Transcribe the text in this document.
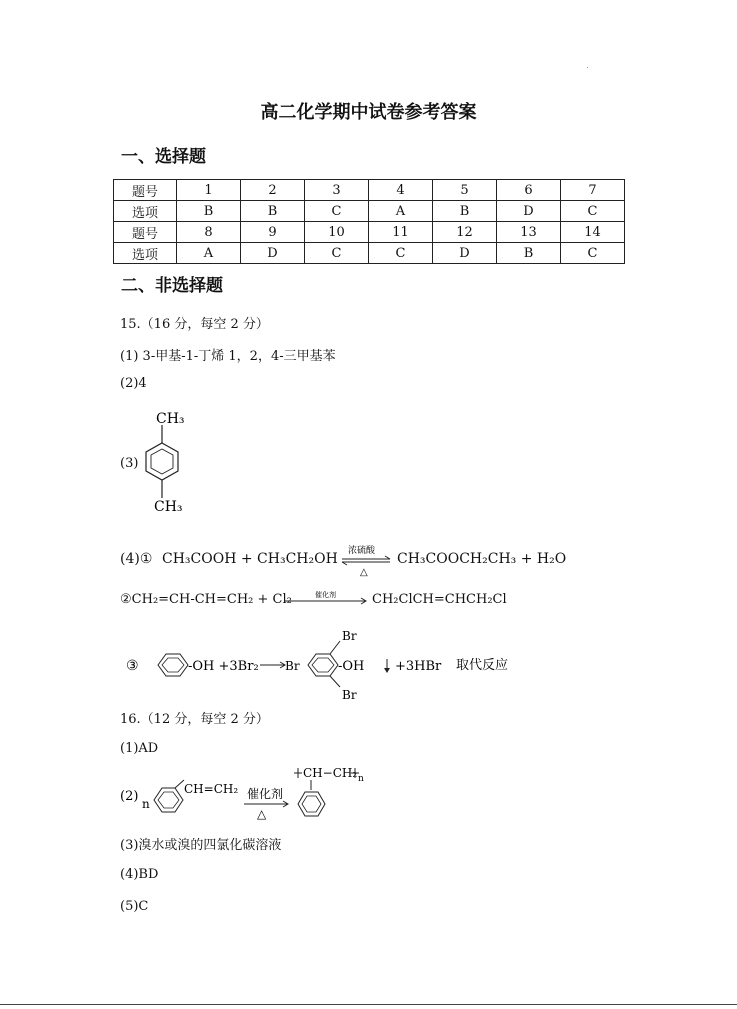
高二化学期中试卷参考答案
一、选择题
题号	1	2	3	4	5	6	7
选项	B	B	C	A	B	D	C
题号	8	9	10	11	12	13	14
选项	A	D	C	C	D	B	C
二、非选择题
15.（16 分，每空 2 分）
(1) 3-甲基-1-丁烯 1，2，4-三甲基苯
(2)4
(3)
CH₃
CH₃
(4)① CH₃COOH + CH₃CH₂OH 浓硫酸
△
CH₃COOCH₂CH₃ + H₂O
②CH₂=CH-CH=CH₂ + Cl₂	催化剂	CH₂ClCH=CHCH₂Cl
③	-OH +3Br₂ Br
Br
Br
-OH +3HBr 取代反应
16.（12 分，每空 2 分）
(1)AD
(2) n
CH=CH₂ 催化剂
△
CH−CH₂ n
(3)溴水或溴的四氯化碳溶液
(4)BD
(5)C
